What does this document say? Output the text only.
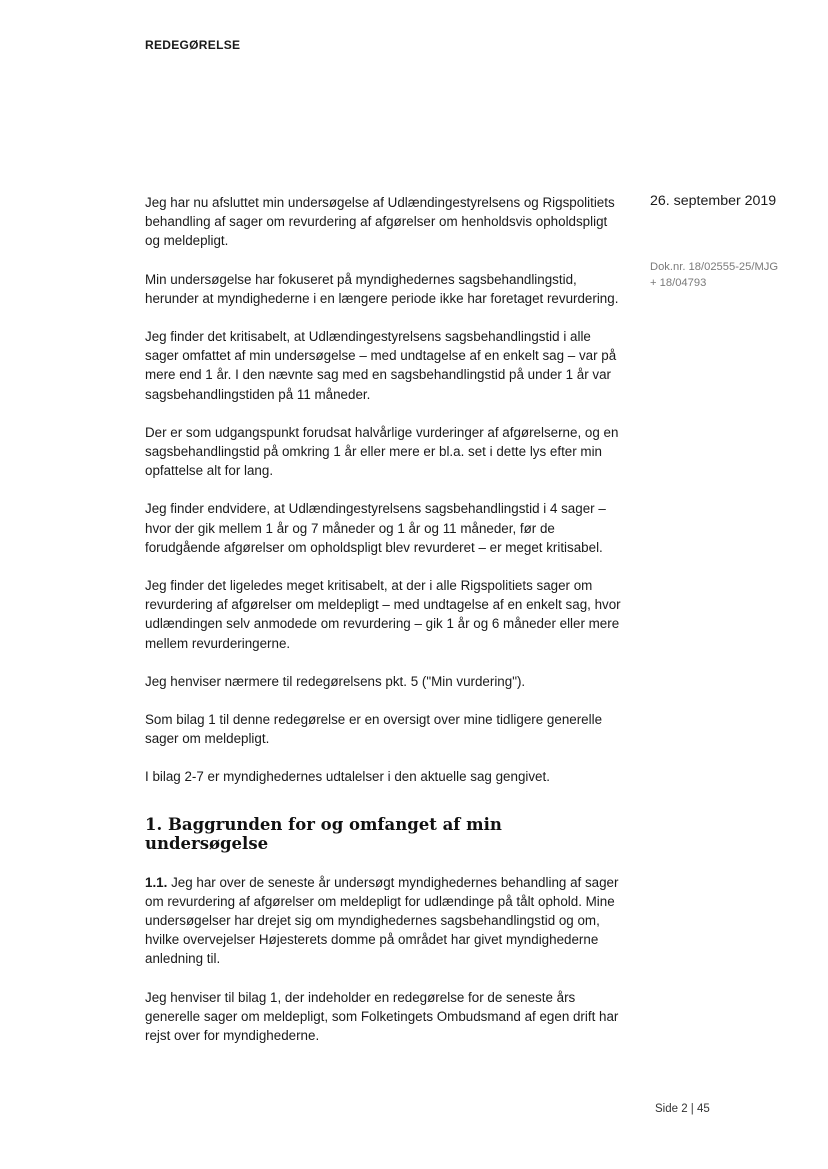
REDEGØRELSE

Jeg har nu afsluttet min undersøgelse af Udlændingestyrelsens og Rigspolitiets behandling af sager om revurdering af afgørelser om henholdsvis opholdspligt og meldepligt.

Min undersøgelse har fokuseret på myndighedernes sagsbehandlingstid, herunder at myndighederne i en længere periode ikke har foretaget revurdering.

Jeg finder det kritisabelt, at Udlændingestyrelsens sagsbehandlingstid i alle sager omfattet af min undersøgelse – med undtagelse af en enkelt sag – var på mere end 1 år. I den nævnte sag med en sagsbehandlingstid på under 1 år var sagsbehandlingstiden på 11 måneder.

Der er som udgangspunkt forudsat halvårlige vurderinger af afgørelserne, og en sagsbehandlingstid på omkring 1 år eller mere er bl.a. set i dette lys efter min opfattelse alt for lang.

Jeg finder endvidere, at Udlændingestyrelsens sagsbehandlingstid i 4 sager – hvor der gik mellem 1 år og 7 måneder og 1 år og 11 måneder, før de forudgående afgørelser om opholdspligt blev revurderet – er meget kritisabel.

Jeg finder det ligeledes meget kritisabelt, at der i alle Rigspolitiets sager om revurdering af afgørelser om meldepligt – med undtagelse af en enkelt sag, hvor udlændingen selv anmodede om revurdering – gik 1 år og 6 måneder eller mere mellem revurderingerne.

Jeg henviser nærmere til redegørelsens pkt. 5 ("Min vurdering").

Som bilag 1 til denne redegørelse er en oversigt over mine tidligere generelle sager om meldepligt.

I bilag 2-7 er myndighedernes udtalelser i den aktuelle sag gengivet.

1. Baggrunden for og omfanget af min undersøgelse

1.1. Jeg har over de seneste år undersøgt myndighedernes behandling af sager om revurdering af afgørelser om meldepligt for udlændinge på tålt ophold. Mine undersøgelser har drejet sig om myndighedernes sagsbehandlingstid og om, hvilke overvejelser Højesterets domme på området har givet myndighederne anledning til.

Jeg henviser til bilag 1, der indeholder en redegørelse for de seneste års generelle sager om meldepligt, som Folketingets Ombudsmand af egen drift har rejst over for myndighederne.

26. september 2019
Dok.nr. 18/02555-25/MJG
+ 18/04793
Side 2 | 45
